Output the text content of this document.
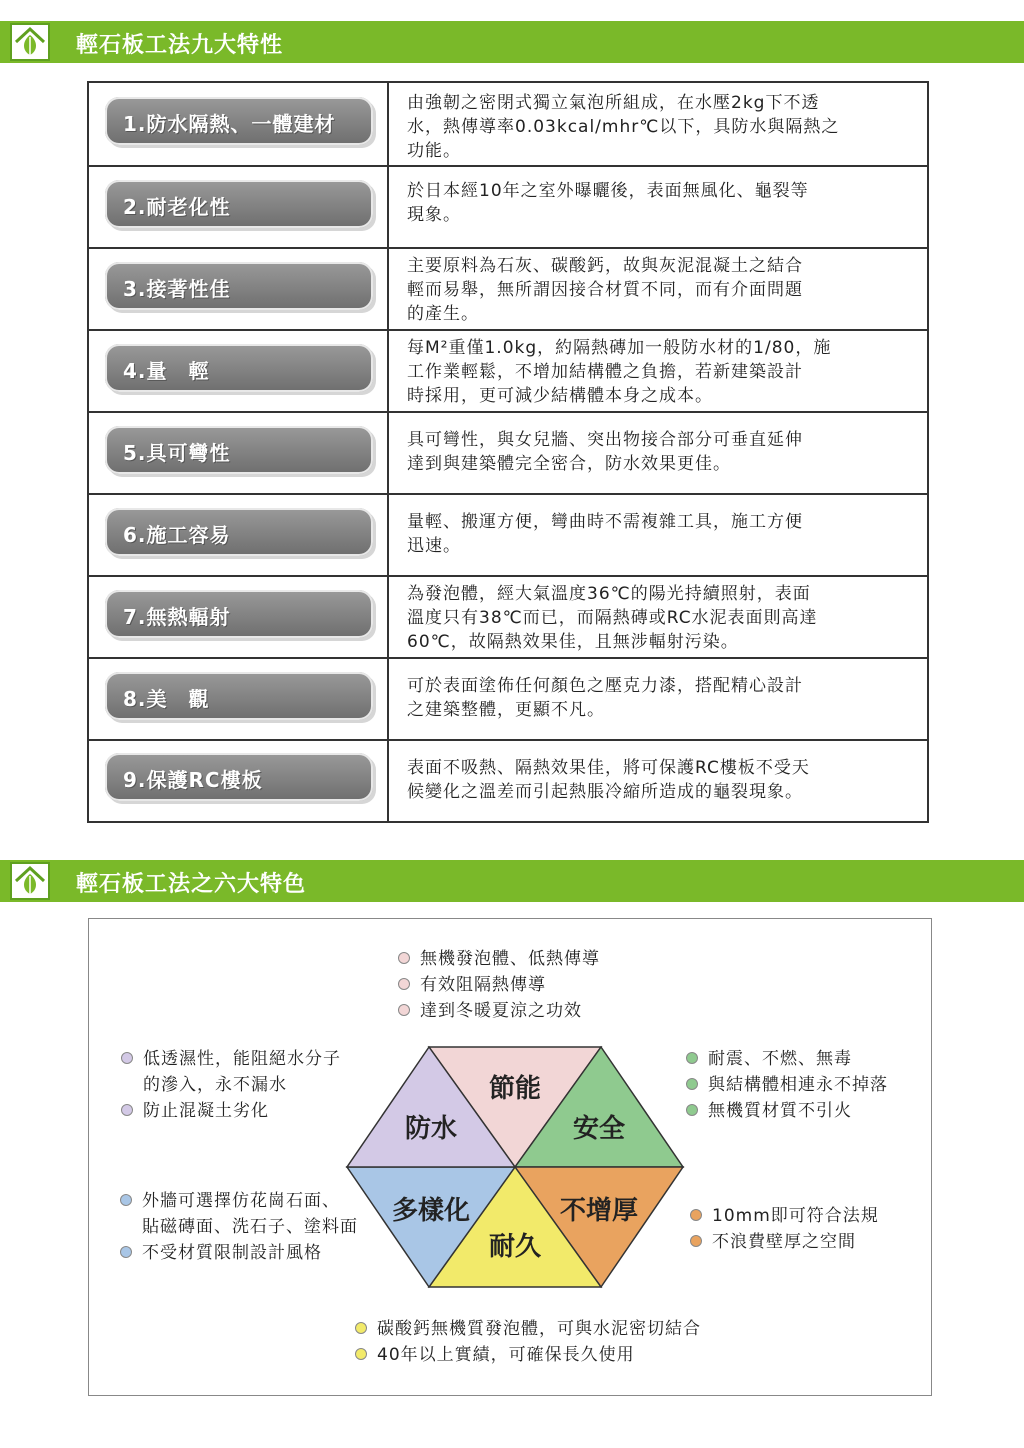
輕石板工法九大特性
1.防水隔熱、一體建材
由強韌之密閉式獨立氣泡所組成，在水壓2kg下不透
水，熱傳導率0.03kcal/mhr℃以下，具防水與隔熱之
功能。
2.耐老化性
於日本經10年之室外曝曬後，表面無風化、龜裂等
現象。
3.接著性佳
主要原料為石灰、碳酸鈣，故與灰泥混凝土之結合
輕而易舉，無所謂因接合材質不同，而有介面問題
的產生。
4.量　輕
每M²重僅1.0kg，約隔熱磚加一般防水材的1/80，施
工作業輕鬆，不增加結構體之負擔，若新建築設計
時採用，更可減少結構體本身之成本。
5.具可彎性
具可彎性，與女兒牆、突出物接合部分可垂直延伸
達到與建築體完全密合，防水效果更佳。
6.施工容易
量輕、搬運方便，彎曲時不需複雜工具，施工方便
迅速。
7.無熱輻射
為發泡體，經大氣溫度36℃的陽光持續照射，表面
溫度只有38℃而已，而隔熱磚或RC水泥表面則高達
60℃，故隔熱效果佳，且無涉輻射污染。
8.美　觀
可於表面塗佈任何顏色之壓克力漆，搭配精心設計
之建築整體，更顯不凡。
9.保護RC樓板	表面不吸熱、隔熱效果佳，將可保護RC樓板不受天
候變化之溫差而引起熱脹冷縮所造成的龜裂現象。
輕石板工法之六大特色
無機發泡體、低熱傳導
有效阻隔熱傳導
達到冬暖夏涼之功效
低透濕性，能阻絕水分子
的滲入，永不漏水
防止混凝土劣化
耐震、不燃、無毒
與結構體相連永不掉落
無機質材質不引火
外牆可選擇仿花崗石面、
貼磁磚面、洗石子、塗料面
不受材質限制設計風格
10mm即可符合法規
不浪費壁厚之空間
碳酸鈣無機質發泡體，可與水泥密切結合
40年以上實績，可確保長久使用
節能
安全
不增厚
耐久
多樣化
防水
